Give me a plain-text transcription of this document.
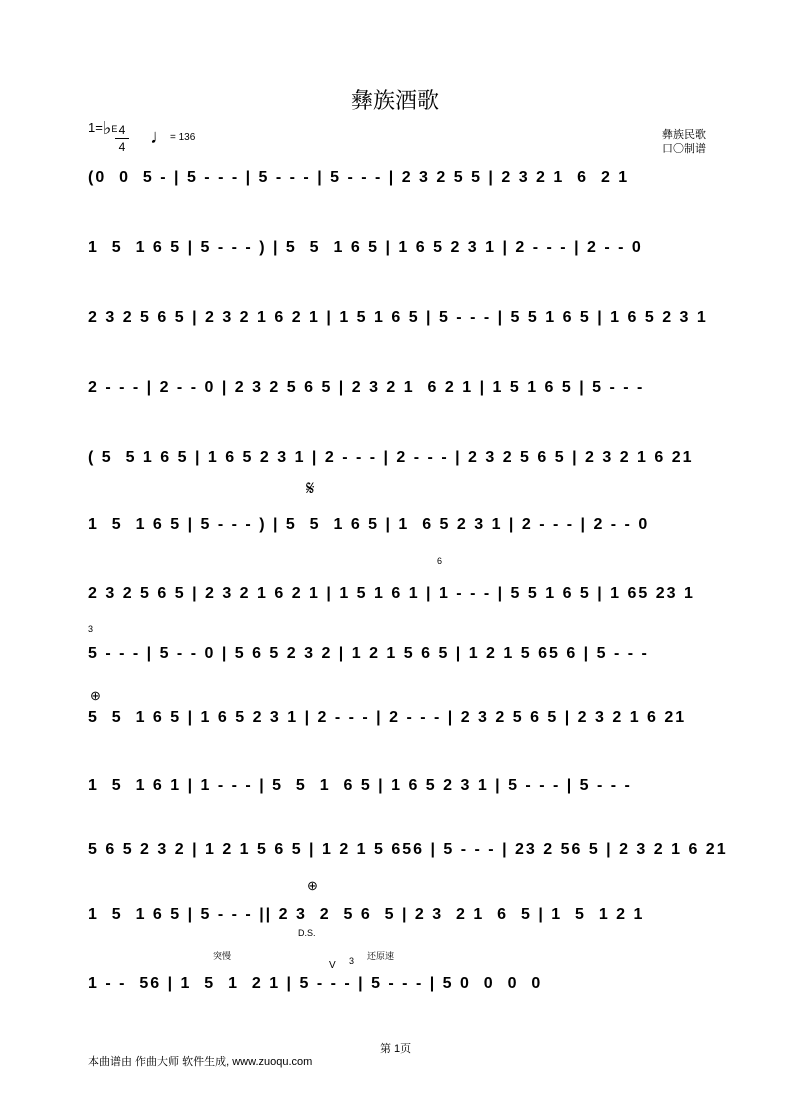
彝族酒歌
1=♭E 4
4 ♩= 136	彝族民歌
口〇制谱
(0  0  5 - | 5 - - - | 5 - - - | 5 - - - | 2 3 2 5 5 | 2 3 2 1  6  2 1
1  5  1 6 5 | 5 - - - ) | 5  5  1 6 5 | 1 6 5 2 3 1 | 2 - - - | 2 - - 0
2 3 2 5 6 5 | 2 3 2 1 6 2 1 | 1 5 1 6 5 | 5 - - - | 5 5 1 6 5 | 1 6 5 2 3 1
2 - - - | 2 - - 0 | 2 3 2 5 6 5 | 2 3 2 1  6 2 1 | 1 5 1 6 5 | 5 - - -
( 5  5 1 6 5 | 1 6 5 2 3 1 | 2 - - - | 2 - - - | 2 3 2 5 6 5 | 2 3 2 1 6 21
1  5  1 6 5 | 5 - - - ) | 5  5  1 6 5 | 1  6 5 2 3 1 | 2 - - - | 2 - - 0
2 3 2 5 6 5 | 2 3 2 1 6 2 1 | 1 5 1 6 1 | 1 - - - | 5 5 1 6 5 | 1 65 23 1
5 - - - | 5 - - 0 | 5 6 5 2 3 2 | 1 2 1 5 6 5 | 1 2 1 5 65 6 | 5 - - -
5  5  1 6 5 | 1 6 5 2 3 1 | 2 - - - | 2 - - - | 2 3 2 5 6 5 | 2 3 2 1 6 21
1  5  1 6 1 | 1 - - - | 5  5  1  6 5 | 1 6 5 2 3 1 | 5 - - - | 5 - - -
5 6 5 2 3 2 | 1 2 1 5 6 5 | 1 2 1 5 656 | 5 - - - | 23 2 56 5 | 2 3 2 1 6 21
1  5  1 6 5 | 5 - - - || 2 3  2  5 6  5 | 2 3  2 1  6  5 | 1  5  1 2 1
1 - -  56 | 1  5  1  2 1 | 5 - - - | 5 - - - | 5 0  0  0  0
𝄋
⊕
⊕
D.S.
6
3
3
V
突慢	还原速
第 1页
本曲谱由 作曲大师 软件生成, www.zuoqu.com
